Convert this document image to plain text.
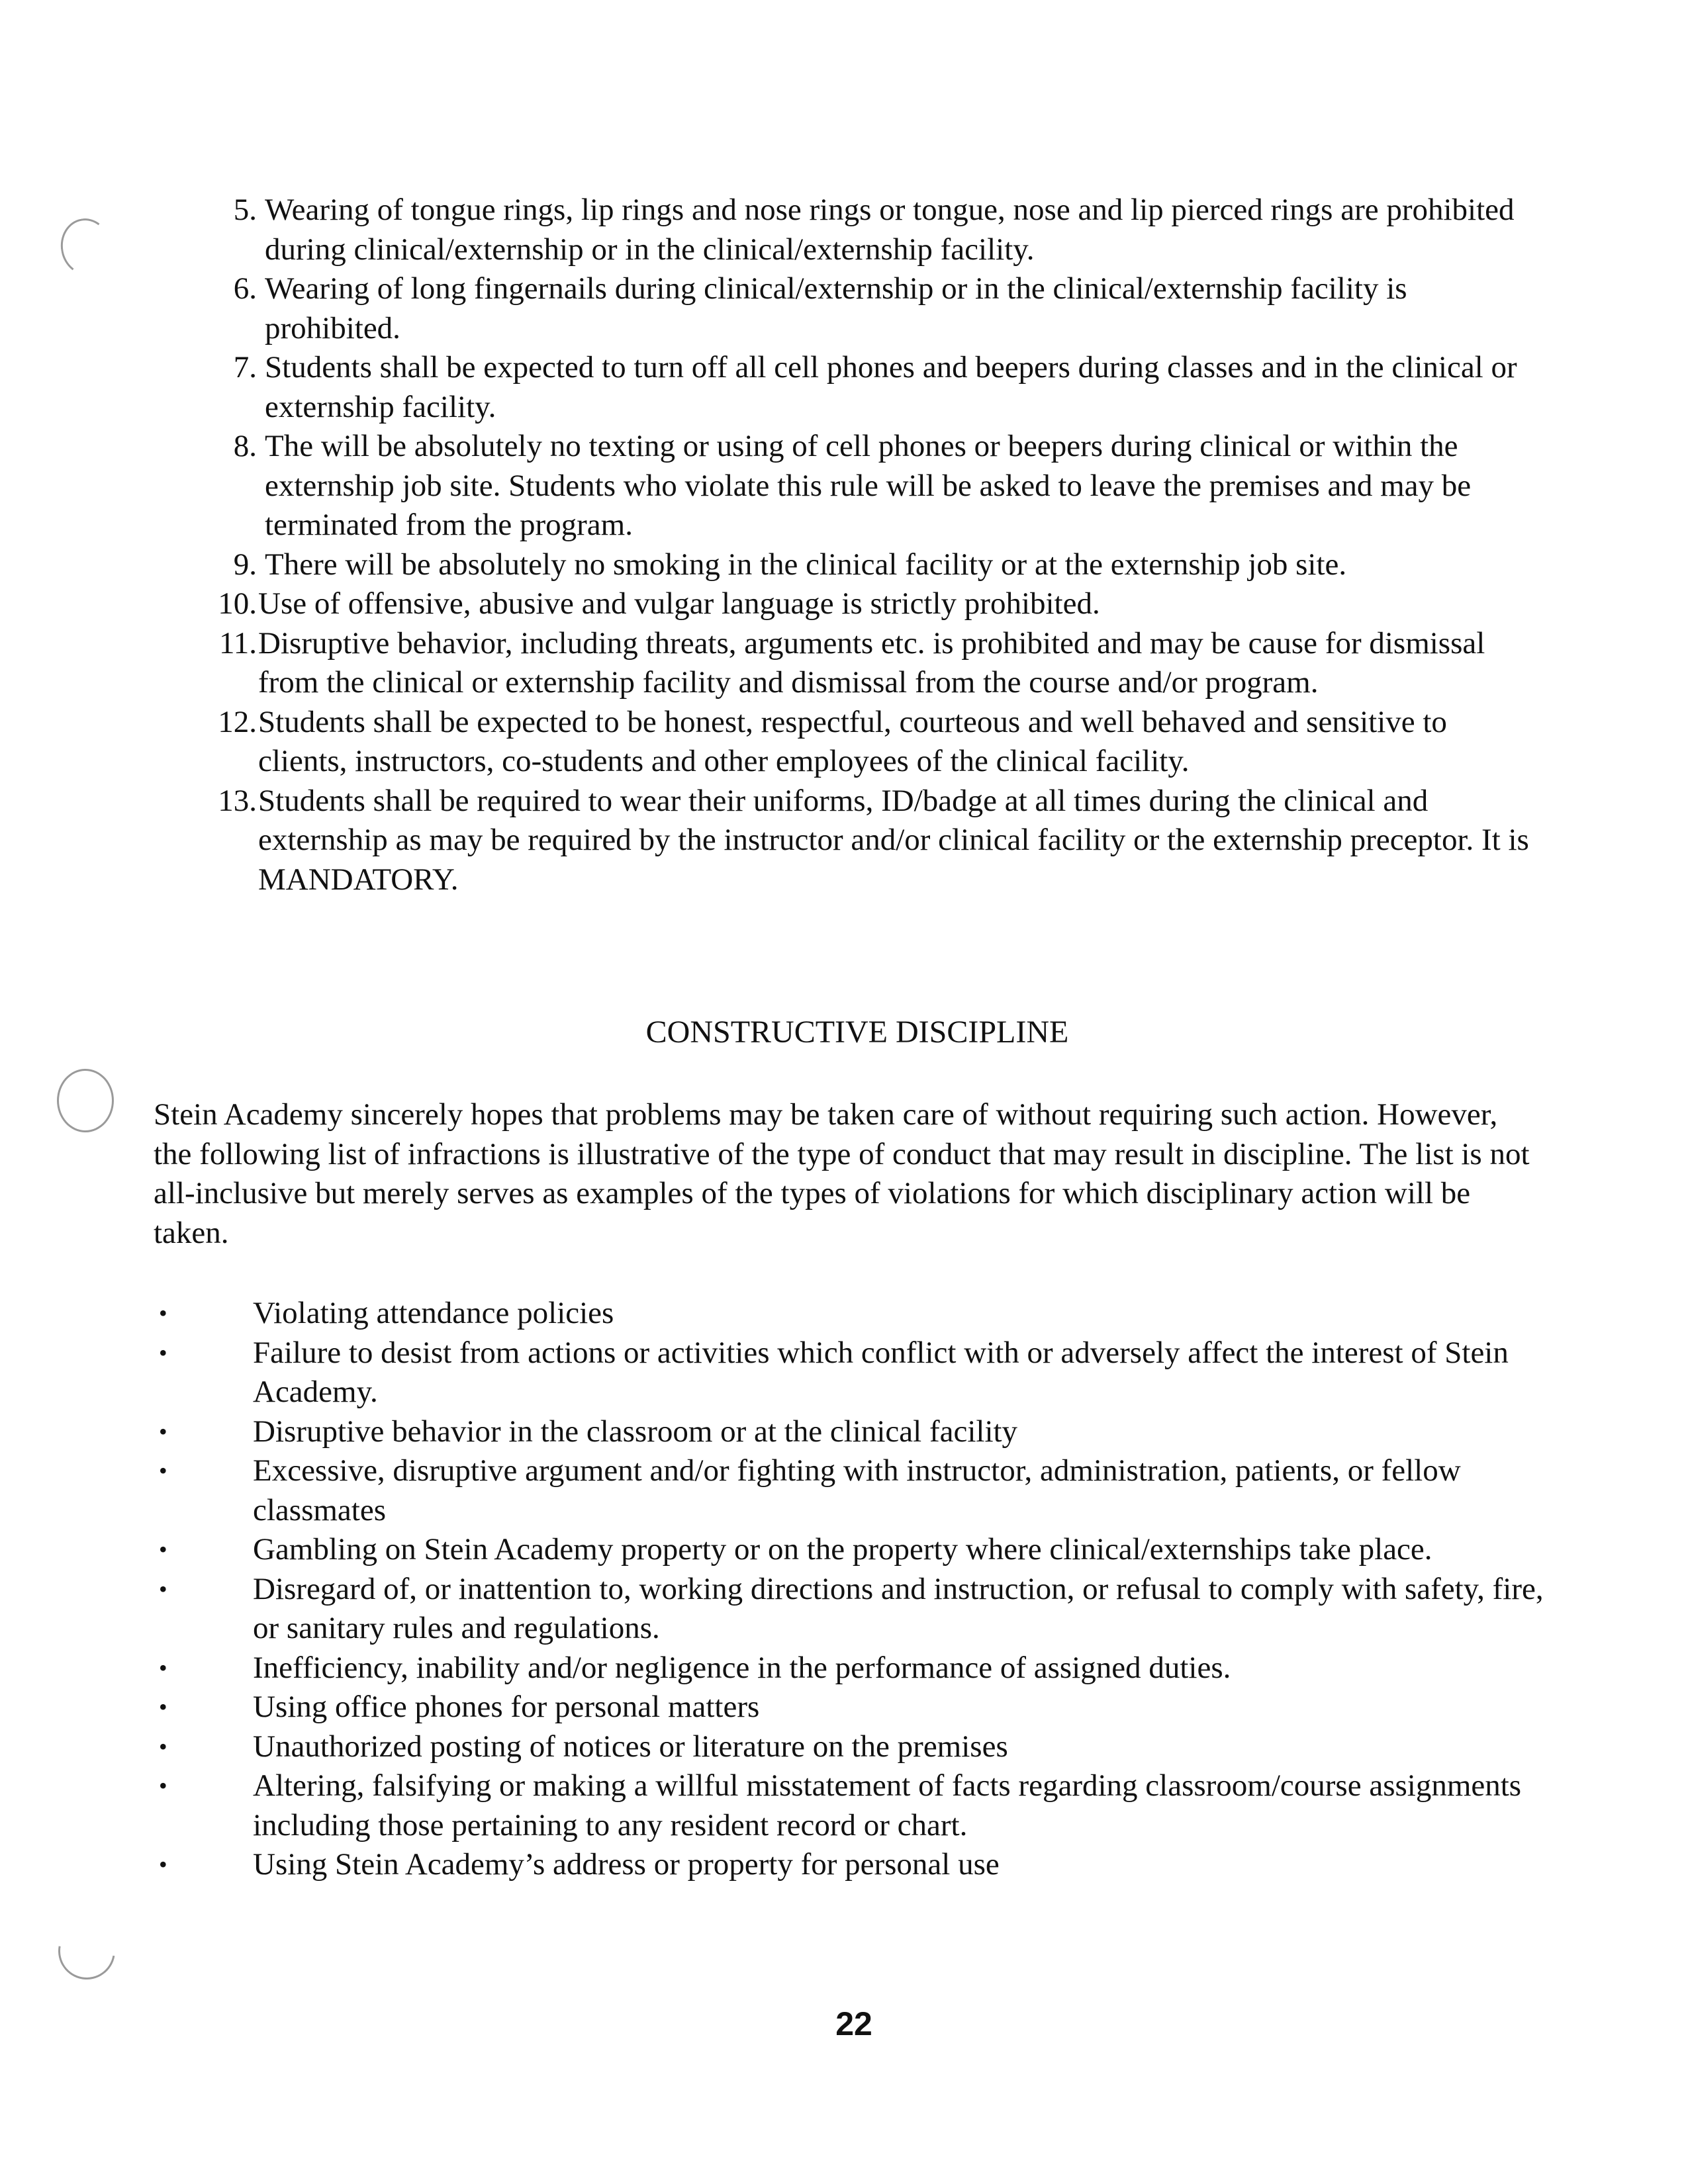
5. Wearing of tongue rings, lip rings and nose rings or tongue, nose and lip pierced rings are prohibited during clinical/externship or in the clinical/externship facility.
6. Wearing of long fingernails during clinical/externship or in the clinical/externship facility is prohibited.
7. Students shall be expected to turn off all cell phones and beepers during classes and in the clinical or externship facility.
8. The will be absolutely no texting or using of cell phones or beepers during clinical or within the externship job site. Students who violate this rule will be asked to leave the premises and may be terminated from the program.
9. There will be absolutely no smoking in the clinical facility or at the externship job site.
10. Use of offensive, abusive and vulgar language is strictly prohibited.
11. Disruptive behavior, including threats, arguments etc. is prohibited and may be cause for dismissal from the clinical or externship facility and dismissal from the course and/or program.
12. Students shall be expected to be honest, respectful, courteous and well behaved and sensitive to clients, instructors, co-students and other employees of the clinical facility.
13. Students shall be required to wear their uniforms, ID/badge at all times during the clinical and externship as may be required by the instructor and/or clinical facility or the externship preceptor. It is MANDATORY.
CONSTRUCTIVE DISCIPLINE

Stein Academy sincerely hopes that problems may be taken care of without requiring such action. However, the following list of infractions is illustrative of the type of conduct that may result in discipline. The list is not all-inclusive but merely serves as examples of the types of violations for which disciplinary action will be taken.

•	Violating attendance policies
•	Failure to desist from actions or activities which conflict with or adversely affect the interest of Stein Academy.
•	Disruptive behavior in the classroom or at the clinical facility
•	Excessive, disruptive argument and/or fighting with instructor, administration, patients, or fellow classmates
•	Gambling on Stein Academy property or on the property where clinical/externships take place.
•	Disregard of, or inattention to, working directions and instruction, or refusal to comply with safety, fire, or sanitary rules and regulations.
•	Inefficiency, inability and/or negligence in the performance of assigned duties.
•	Using office phones for personal matters
•	Unauthorized posting of notices or literature on the premises
•	Altering, falsifying or making a willful misstatement of facts regarding classroom/course assignments including those pertaining to any resident record or chart.
•	Using Stein Academy’s address or property for personal use
22
